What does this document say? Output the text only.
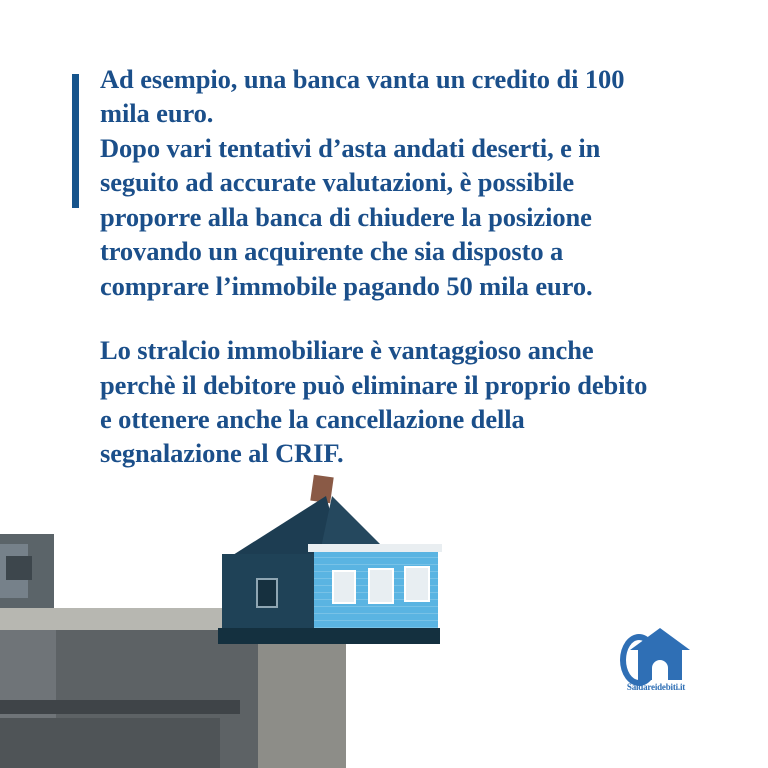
Ad esempio, una banca vanta un credito di 100
mila euro.
Dopo vari tentativi d’asta andati deserti, e in
seguito ad accurate valutazioni, è possibile
proporre alla banca di chiudere la posizione
trovando un acquirente che sia disposto a
comprare l’immobile pagando 50 mila euro.
Lo stralcio immobiliare è vantaggioso anche
perchè il debitore può eliminare il proprio debito
e ottenere anche la cancellazione della
segnalazione al CRIF.
Saldareidebiti.it
